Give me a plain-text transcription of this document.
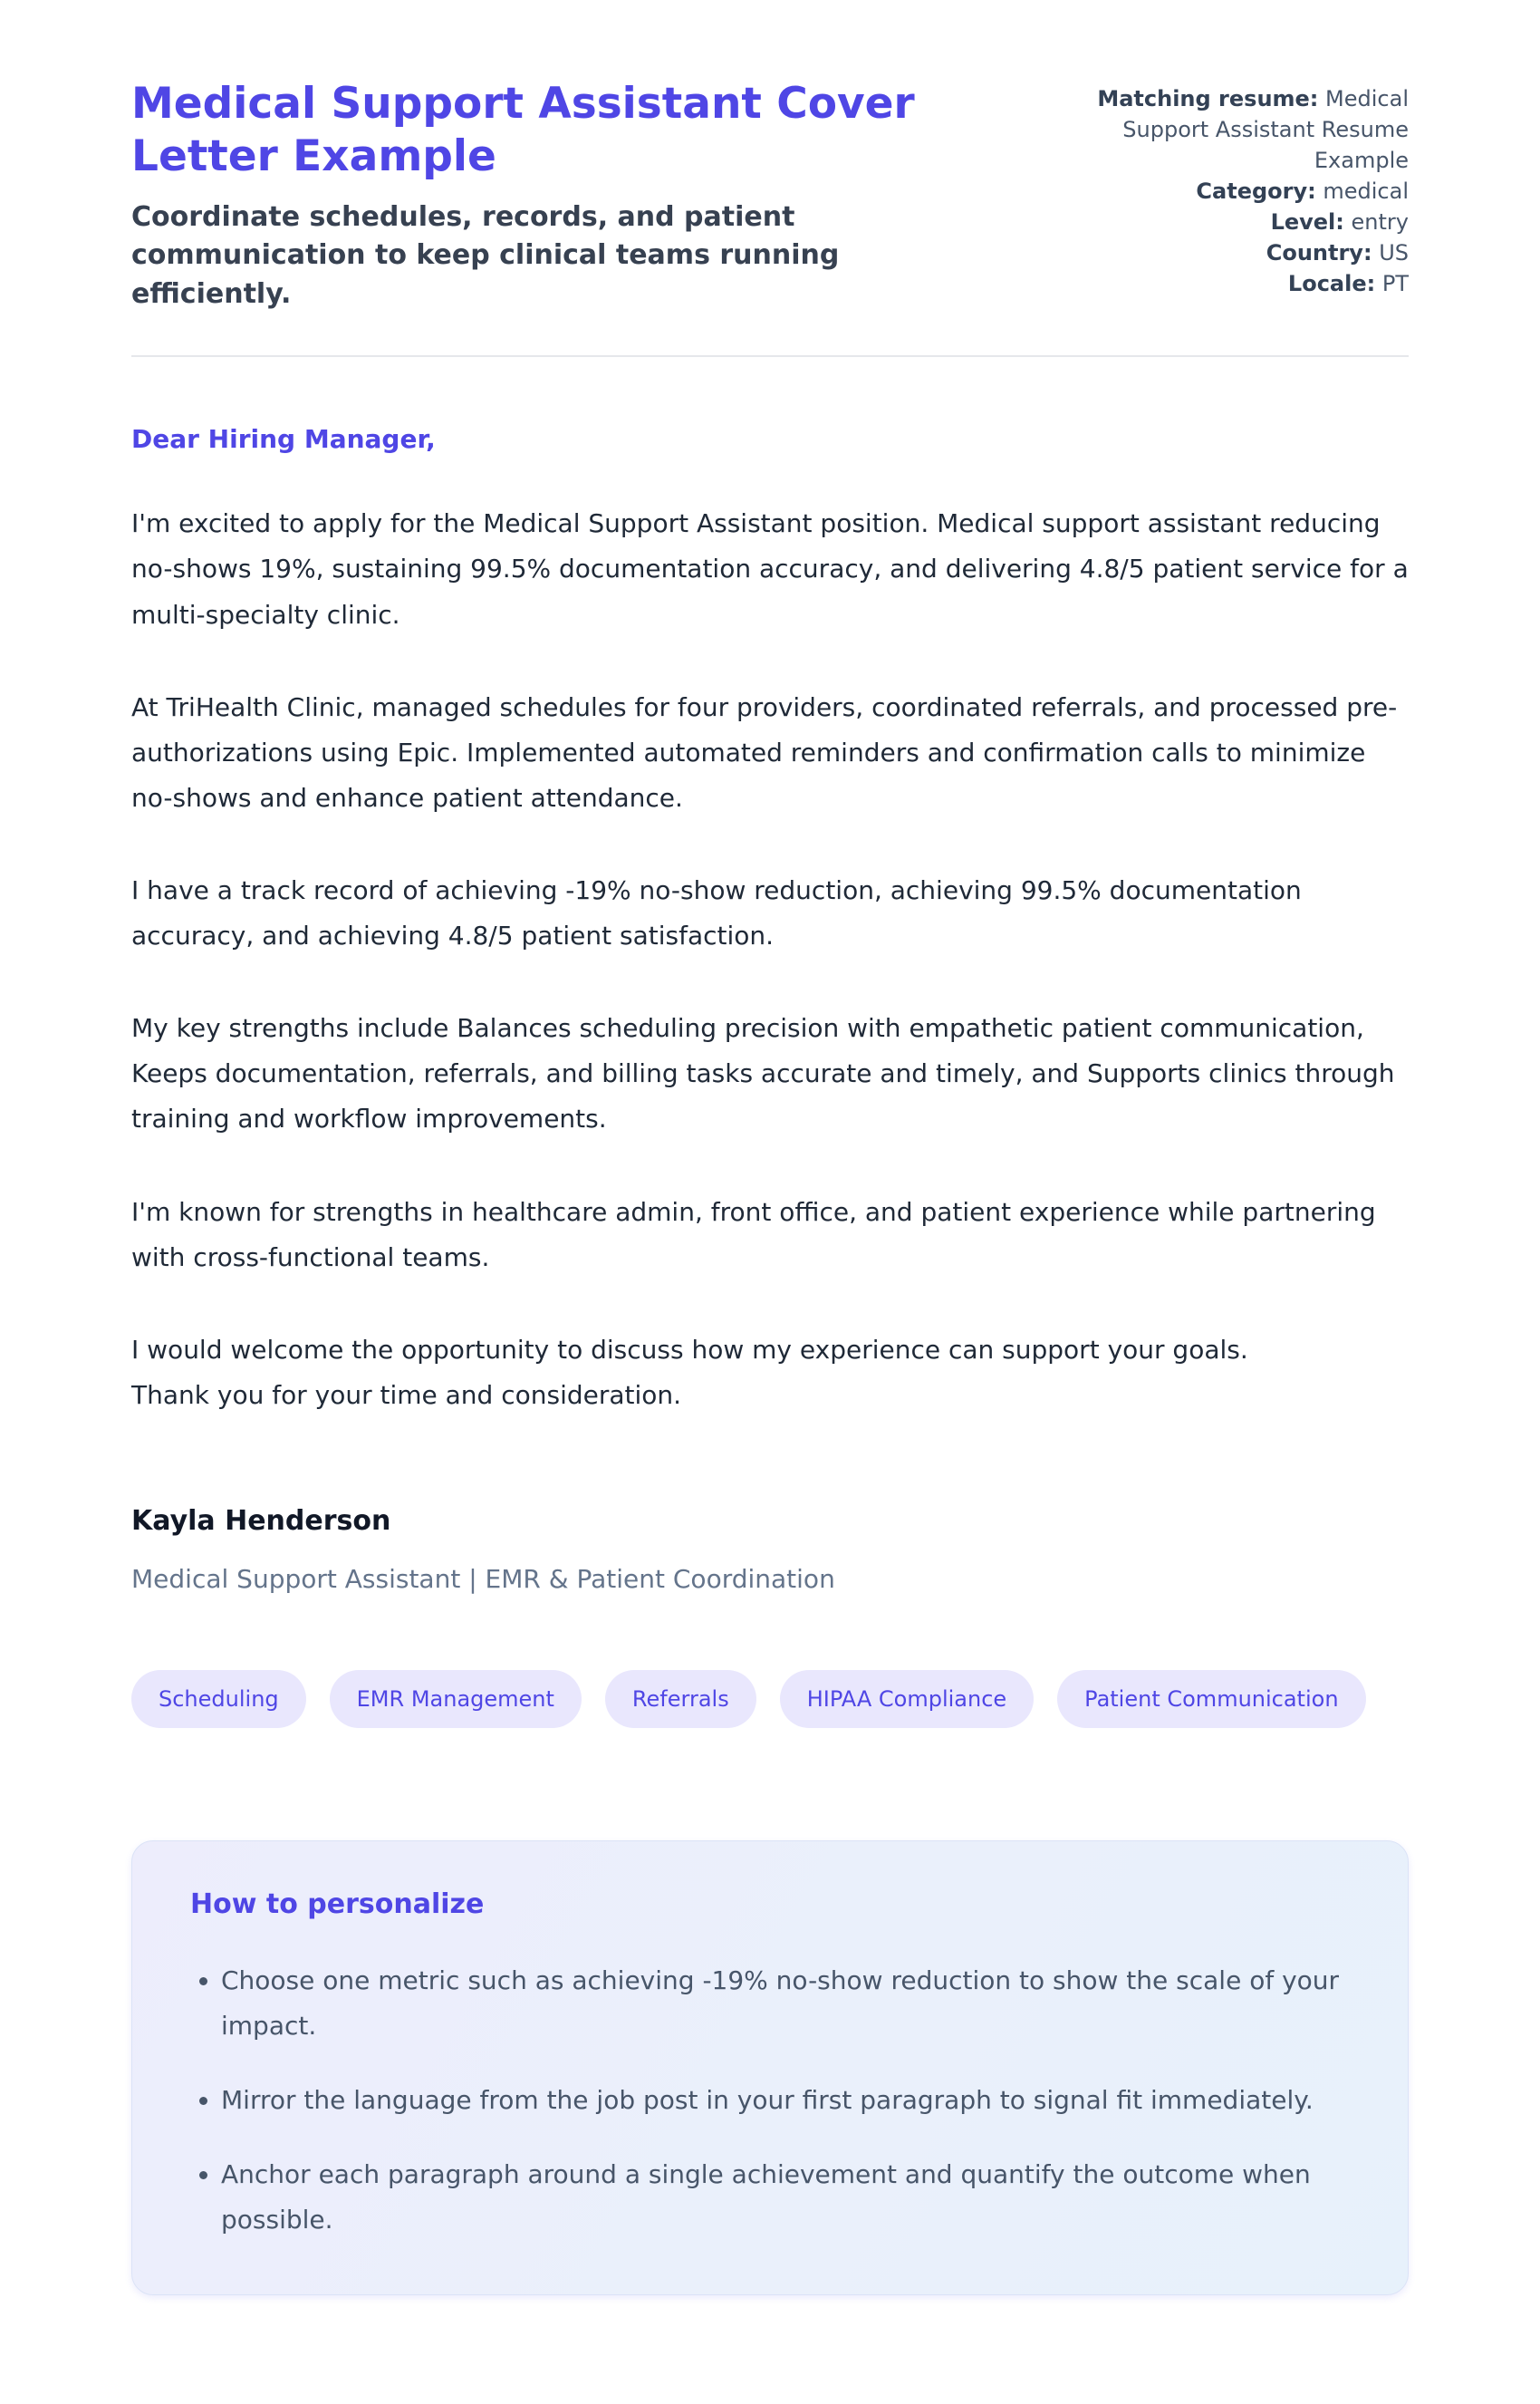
Medical Support Assistant Cover Letter Example

Coordinate schedules, records, and patient communication to keep clinical teams running efficiently.

Matching resume: Medical Support Assistant Resume Example
Category: medical
Level: entry
Country: US
Locale: PT

Dear Hiring Manager,

I'm excited to apply for the Medical Support Assistant position. Medical support assistant reducing no-shows 19%, sustaining 99.5% documentation accuracy, and delivering 4.8/5 patient service for a multi-specialty clinic.

At TriHealth Clinic, managed schedules for four providers, coordinated referrals, and processed pre-authorizations using Epic. Implemented automated reminders and confirmation calls to minimize no-shows and enhance patient attendance.

I have a track record of achieving -19% no-show reduction, achieving 99.5% documentation accuracy, and achieving 4.8/5 patient satisfaction.

My key strengths include Balances scheduling precision with empathetic patient communication, Keeps documentation, referrals, and billing tasks accurate and timely, and Supports clinics through training and workflow improvements.

I'm known for strengths in healthcare admin, front office, and patient experience while partnering with cross-functional teams.

I would welcome the opportunity to discuss how my experience can support your goals.

Thank you for your time and consideration.

Kayla Henderson

Medical Support Assistant | EMR & Patient Coordination

Scheduling	EMR Management	Referrals	HIPAA Compliance	Patient Communication
How to personalize
• Choose one metric such as achieving -19% no-show reduction to show the scale of your impact.
• Mirror the language from the job post in your first paragraph to signal fit immediately.
• Anchor each paragraph around a single achievement and quantify the outcome when possible.
